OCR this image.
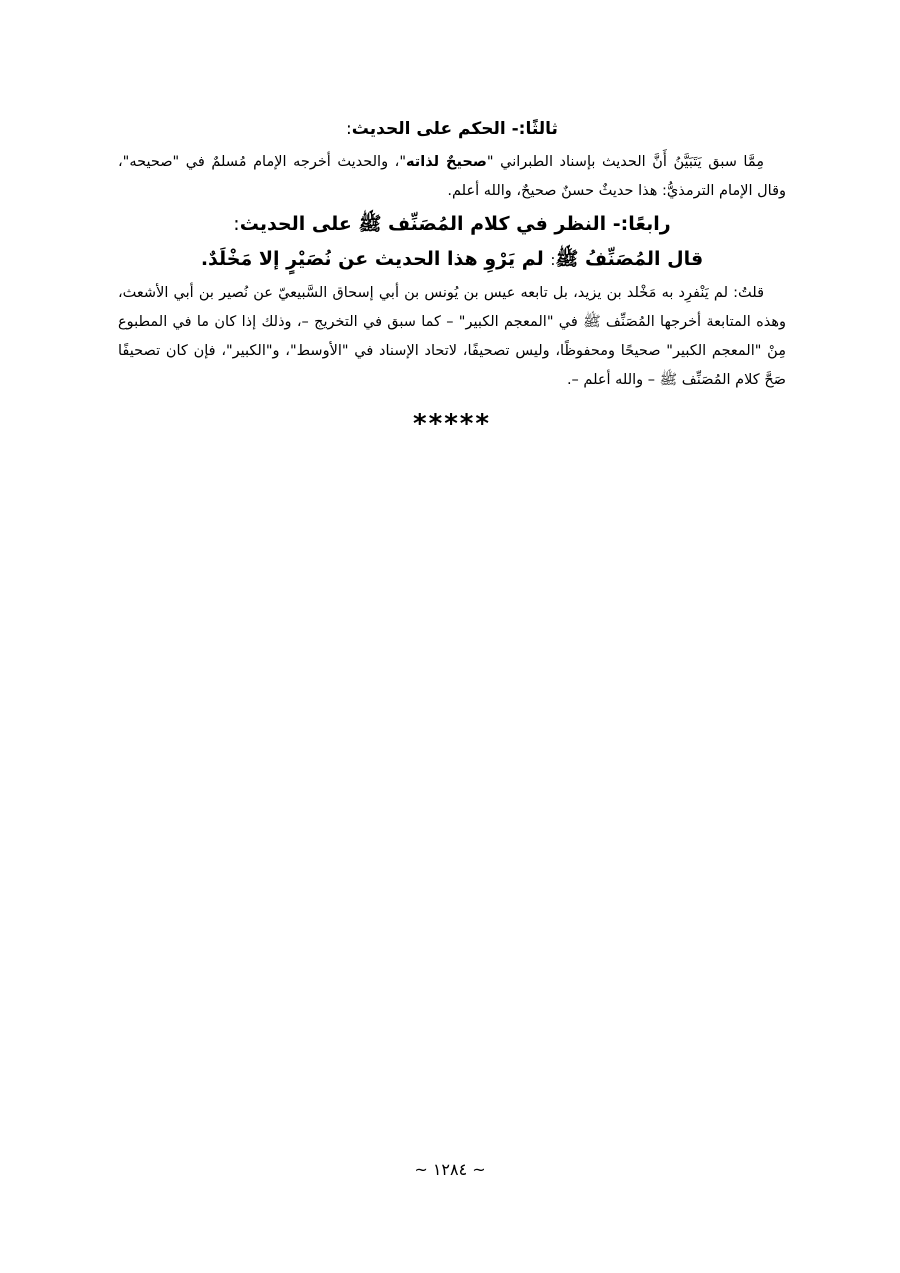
ثالثًا:- الحكم على الحديث:

مِمَّا سبق يَتَبَيَّنُ أَنَّ الحديث بإسناد الطبراني "صحيحٌ لذاته"، والحديث أخرجه الإمام مُسلمٌ في "صحيحه"، وقال الإمام الترمذيُّ: هذا حديثٌ حسنٌ صحيحٌ، والله أعلم.

رابعًا:- النظر في كلام المُصَنِّف ﷺ على الحديث:

قال المُصَنِّفُ ﷺ: لم يَرْوِ هذا الحديث عن نُصَيْرٍ إلا مَخْلَدٌ.

قلتُ: لم يَنْفرِد به مَخْلد بن يزيد، بل تابعه عيس بن يُونس بن أبي إسحاق السَّبيعيّ عن نُصير بن أبي الأشعث، وهذه المتابعة أخرجها المُصَنِّف ﷺ في "المعجم الكبير" – كما سبق في التخريج –، وذلك إذا كان ما في المطبوع مِنْ "المعجم الكبير" صحيحًا ومحفوظًا، وليس تصحيفًا، لاتحاد الإسناد في "الأوسط"، و"الكبير"، فإن كان تصحيفًا صَحَّ كلام المُصَنِّف ﷺ – والله أعلم –.

*****
~ ١٢٨٤ ~
